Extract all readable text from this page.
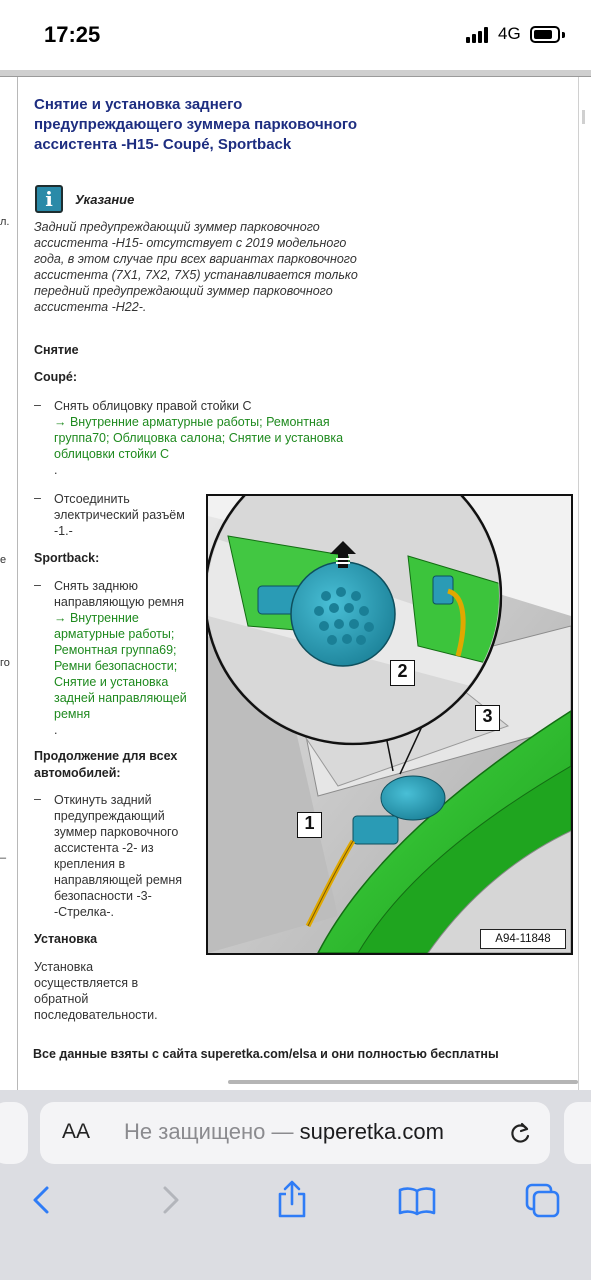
17:25	4G
л.
е
го
–
Снятие и установка заднего предупреждающего зуммера парковочного ассистента -H15- Coupé, Sportback
i	Указание
Задний предупреждающий зуммер парковочного ассистента -H15- отсутствует с 2019 модельного года, в этом случае при всех вариантах парковочного ассистента (7X1, 7X2, 7X5) устанавливается только передний предупреждающий зуммер парковочного ассистента -H22-.
Снятие
Coupé:
– Снять облицовку правой стойки С
→ Внутренние арматурные работы; Ремонтная группа70; Облицовка салона; Снятие и установка облицовки стойки С
.
– Отсоединить электрический разъём -1.-
Sportback:
– Снять заднюю направляющую ремня
→ Внутренние арматурные работы; Ремонтная группа69; Ремни безопасности; Снятие и установка задней направляющей ремня
.
Продолжение для всех автомобилей:
– Откинуть задний предупреждающий зуммер парковочного ассистента -2- из крепления в направляющей ремня безопасности -3- -Стрелка-.
Установка
Установка осуществляется в обратной последовательности.
Все данные взяты с сайта superetka.com/elsa и они полностью бесплатны
1
2
3
A94-11848
AA Не защищено — superetka.com
